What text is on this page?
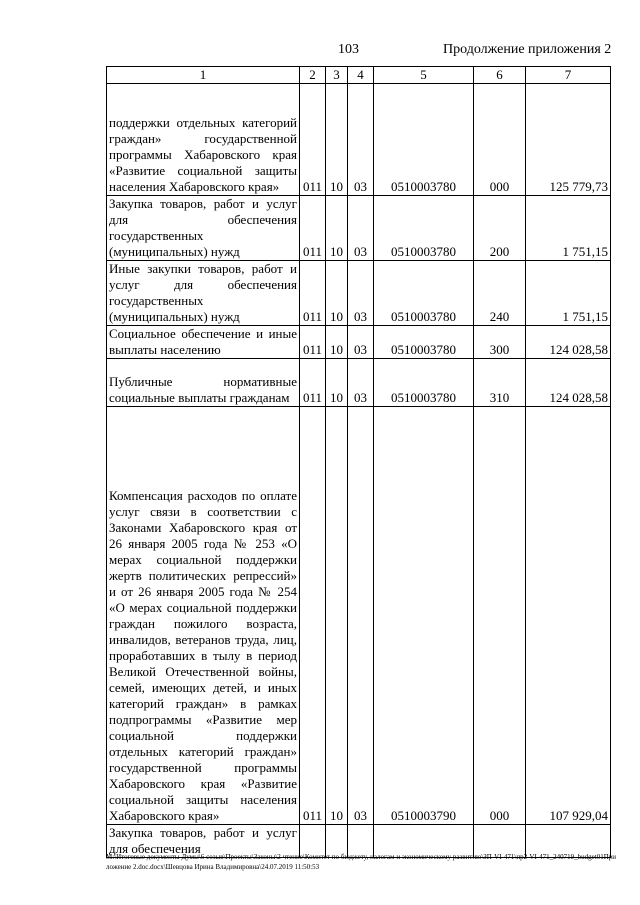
103	Продолжение приложения 2
1	2	3	4	5	6	7
поддержки отдельных категорий граждан» государственной программы Хабаровского края «Развитие социальной защиты населения Хабаровского края»	011	10	03	0510003780	000	125 779,73
Закупка товаров, работ и услуг для обеспечения государственных (муниципальных) нужд	011	10	03	0510003780	200	1 751,15
Иные закупки товаров, работ и услуг для обеспечения государственных (муниципальных) нужд	011	10	03	0510003780	240	1 751,15
Социальное обеспечение и иные выплаты населению	011	10	03	0510003780	300	124 028,58
Публичные нормативные социальные выплаты гражданам	011	10	03	0510003780	310	124 028,58
Компенсация расходов по оплате услуг связи в соответствии с Законами Хабаровского края от 26 января 2005 года № 253 «О мерах социальной поддержки жертв политических репрессий» и от 26 января 2005 года № 254 «О мерах социальной поддержки граждан пожилого возраста, инвалидов, ветеранов труда, лиц, проработавших в тылу в период Великой Отечественной войны, семей, имеющих детей, и иных категорий граждан» в рамках подпрограммы «Развитие мер социальной поддержки отдельных категорий граждан» государственной программы Хабаровского края «Развитие социальной защиты населения Хабаровского края»	011	10	03	0510003790	000	107 929,04
Закупка товаров, работ и услуг для обеспечения						
M:\Итоговые документы Думы\6 созыв\Проекты\Законы\2 чтение\Комитет по бюджету, налогам и экономическому развитию\ЗП-VI-471\пр2-VI-471_240719_budget01Приложение 2.doc.docx\Шевцова Ирина Владимировна\24.07.2019 11:50:53
